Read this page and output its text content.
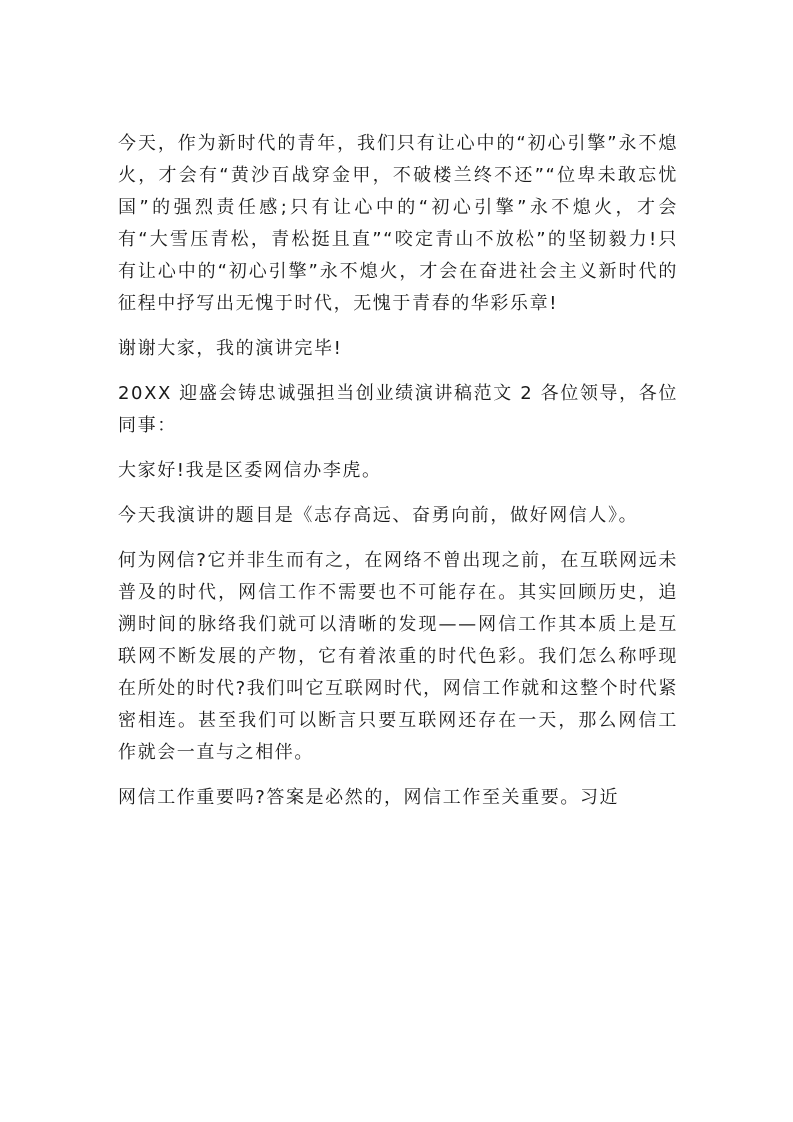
今天，作为新时代的青年，我们只有让心中的“初心引擎”永不熄火，才会有“黄沙百战穿金甲，不破楼兰终不还”“位卑未敢忘忧国”的强烈责任感;只有让心中的“初心引擎”永不熄火，才会有“大雪压青松，青松挺且直”“咬定青山不放松”的坚韧毅力!只有让心中的“初心引擎”永不熄火，才会在奋进社会主义新时代的征程中抒写出无愧于时代，无愧于青春的华彩乐章!

谢谢大家，我的演讲完毕!

20XX 迎盛会铸忠诚强担当创业绩演讲稿范文 2 各位领导，各位同事：

大家好!我是区委网信办李虎。

今天我演讲的题目是《志存高远、奋勇向前，做好网信人》。

何为网信?它并非生而有之，在网络不曾出现之前，在互联网远未普及的时代，网信工作不需要也不可能存在。其实回顾历史，追溯时间的脉络我们就可以清晰的发现——网信工作其本质上是互联网不断发展的产物，它有着浓重的时代色彩。我们怎么称呼现在所处的时代?我们叫它互联网时代，网信工作就和这整个时代紧密相连。甚至我们可以断言只要互联网还存在一天，那么网信工作就会一直与之相伴。

网信工作重要吗?答案是必然的，网信工作至关重要。习近
